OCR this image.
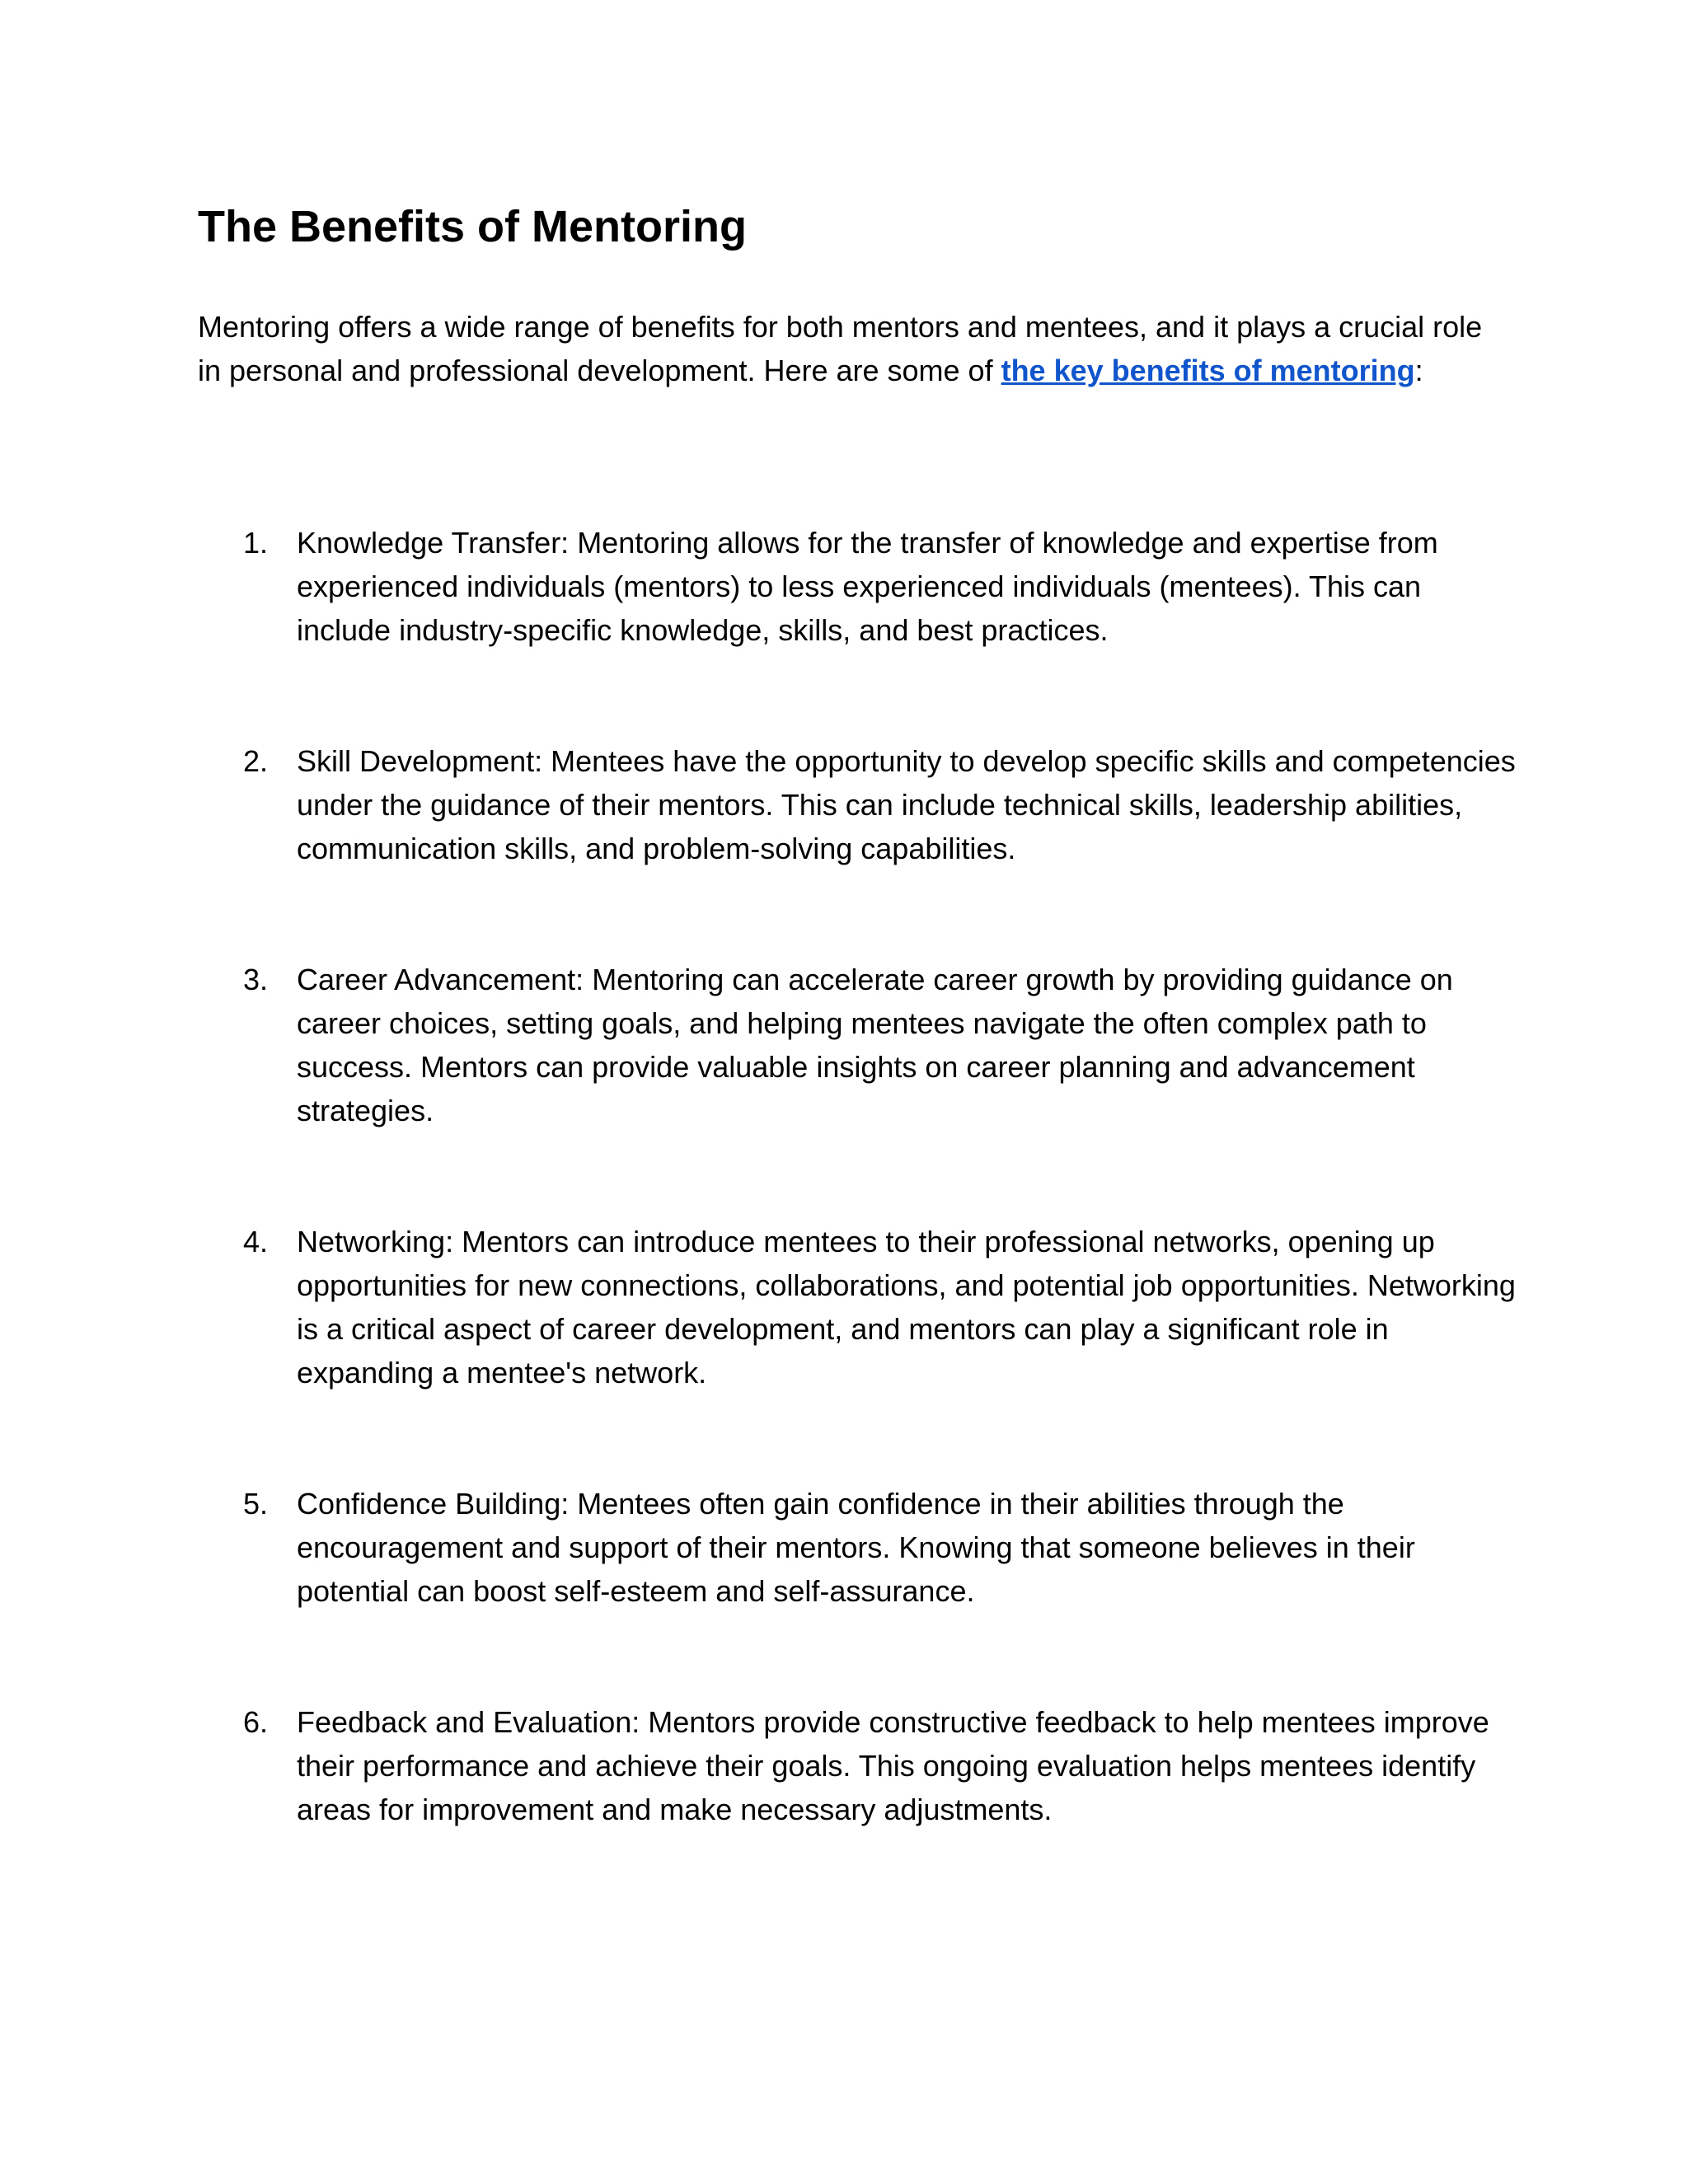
The Benefits of Mentoring

Mentoring offers a wide range of benefits for both mentors and mentees, and it plays a crucial role in personal and professional development. Here are some of the key benefits of mentoring:

1. Knowledge Transfer: Mentoring allows for the transfer of knowledge and expertise from experienced individuals (mentors) to less experienced individuals (mentees). This can include industry-specific knowledge, skills, and best practices.
2. Skill Development: Mentees have the opportunity to develop specific skills and competencies under the guidance of their mentors. This can include technical skills, leadership abilities, communication skills, and problem-solving capabilities.
3. Career Advancement: Mentoring can accelerate career growth by providing guidance on career choices, setting goals, and helping mentees navigate the often complex path to success. Mentors can provide valuable insights on career planning and advancement strategies.
4. Networking: Mentors can introduce mentees to their professional networks, opening up opportunities for new connections, collaborations, and potential job opportunities. Networking is a critical aspect of career development, and mentors can play a significant role in expanding a mentee's network.
5. Confidence Building: Mentees often gain confidence in their abilities through the encouragement and support of their mentors. Knowing that someone believes in their potential can boost self-esteem and self-assurance.
6. Feedback and Evaluation: Mentors provide constructive feedback to help mentees improve their performance and achieve their goals. This ongoing evaluation helps mentees identify areas for improvement and make necessary adjustments.
